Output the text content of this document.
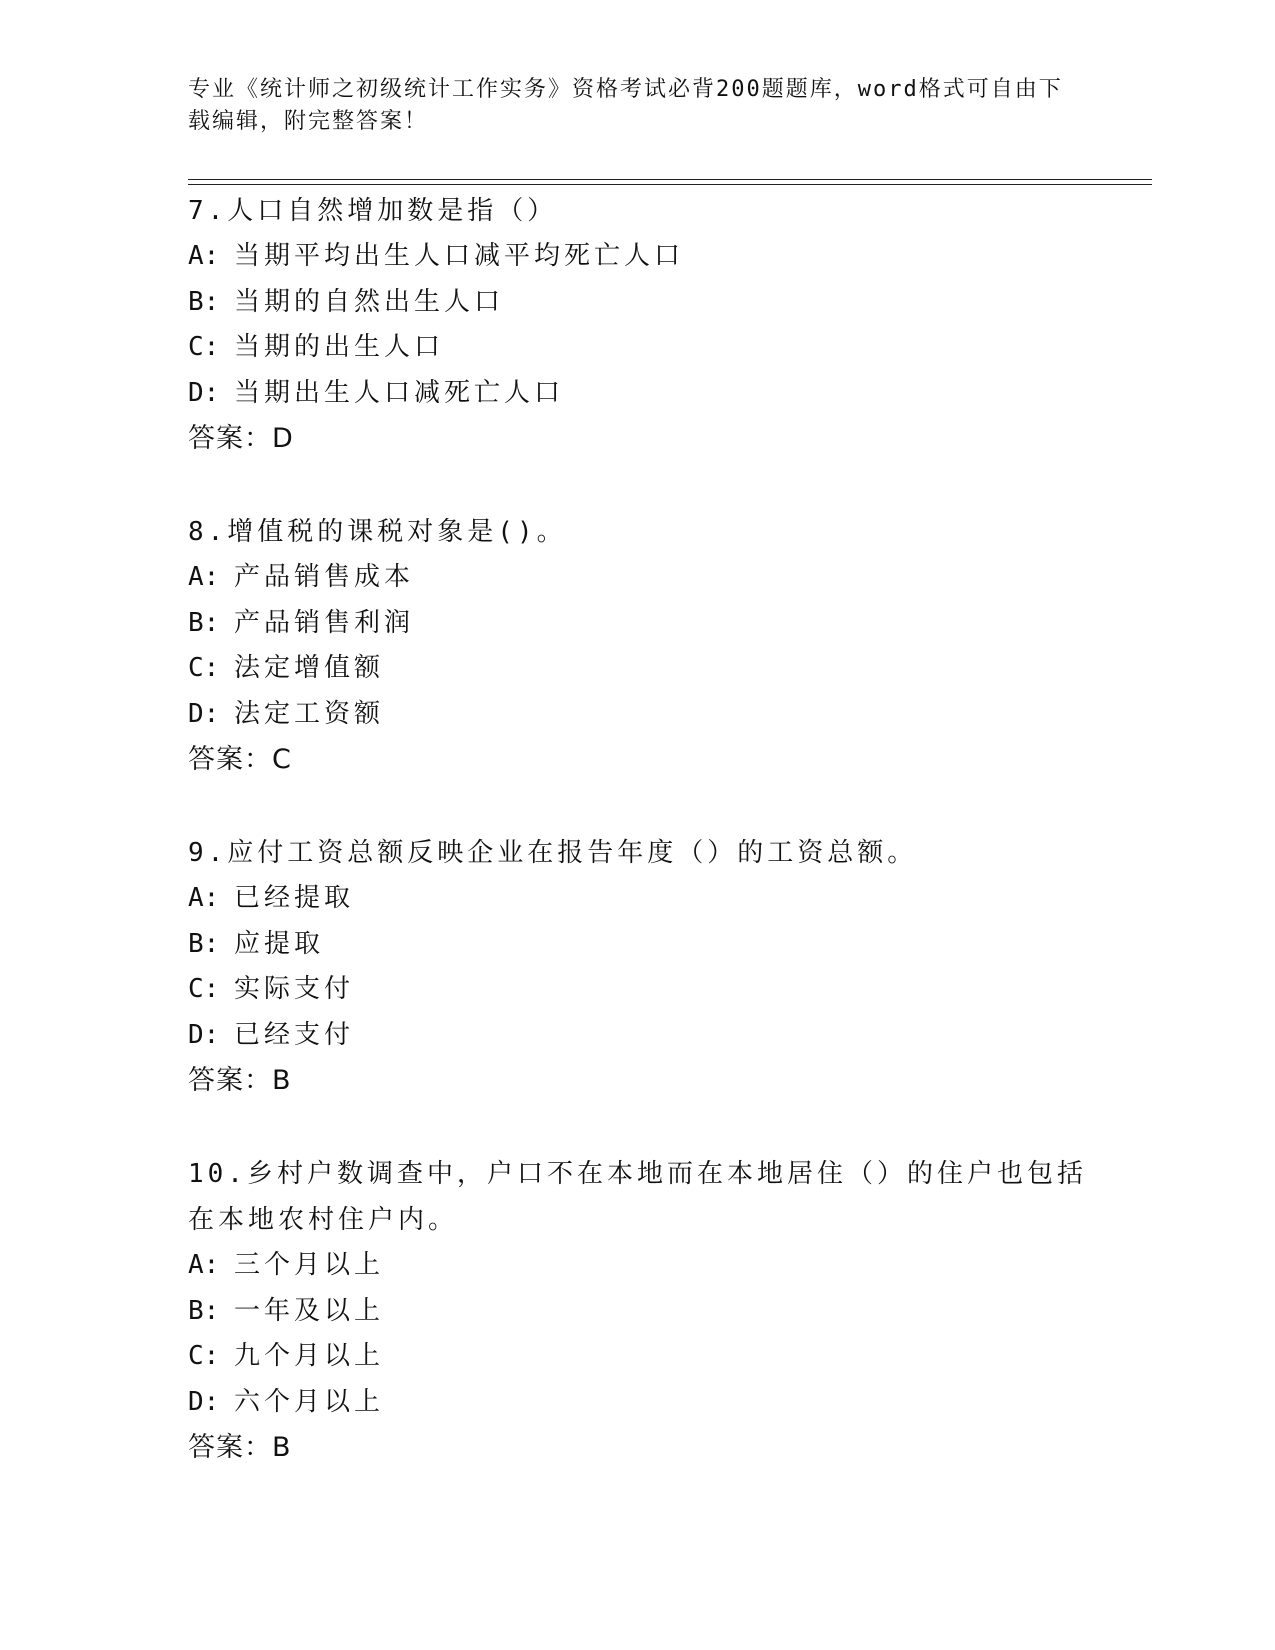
专业《统计师之初级统计工作实务》资格考试必背200题题库，word格式可自由下载编辑，附完整答案！
7.人口自然增加数是指（）
A: 当期平均出生人口减平均死亡人口
B: 当期的自然出生人口
C: 当期的出生人口
D: 当期出生人口减死亡人口
答案：D
8.增值税的课税对象是()。
A: 产品销售成本
B: 产品销售利润
C: 法定增值额
D: 法定工资额
答案：C
9.应付工资总额反映企业在报告年度（）的工资总额。
A: 已经提取
B: 应提取
C: 实际支付
D: 已经支付
答案：B
10.乡村户数调查中，户口不在本地而在本地居住（）的住户也包括在本地农村住户内。
A: 三个月以上
B: 一年及以上
C: 九个月以上
D: 六个月以上
答案：B
